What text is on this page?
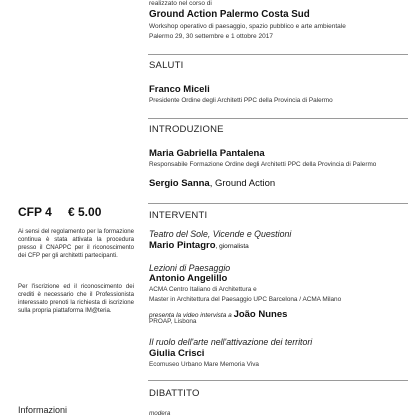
realizzato nel corso di
Ground Action Palermo Costa Sud
Workshop operativo di paesaggio, spazio pubblico e arte ambientale
Palermo 29, 30 settembre e 1 ottobre 2017
SALUTI
Franco Miceli
Presidente Ordine degli Architetti PPC della Provincia di Palermo
INTRODUZIONE
Maria Gabriella Pantalena
Responsabile Formazione Ordine degli Architetti PPC della Provincia di Palermo
Sergio Sanna, Ground Action
CFP 4 € 5.00
Ai sensi del regolamento per la formazione continua è stata attivata la procedura presso il CNAPPC per il riconoscimento dei CFP per gli architetti partecipanti.
Per l'iscrizione ed il riconoscimento dei crediti è necessario che il Professionista interessato prenoti la richiesta di iscrizione sulla propria piattaforma IM@teria.
INTERVENTI
Teatro del Sole, Vicende e Questioni
Mario Pintagro, giornalista
Lezioni di Paesaggio
Antonio Angelillo
ACMA Centro Italiano di Architettura e
Master in Architettura del Paesaggio UPC Barcelona / ACMA Milano
presenta la video intervista a João Nunes
PROAP, Lisbona
Il ruolo dell'arte nell'attivazione dei territori
Giulia Crisci
Ecomuseo Urbano Mare Memoria Viva
DIBATTITO
modera
Informazioni
